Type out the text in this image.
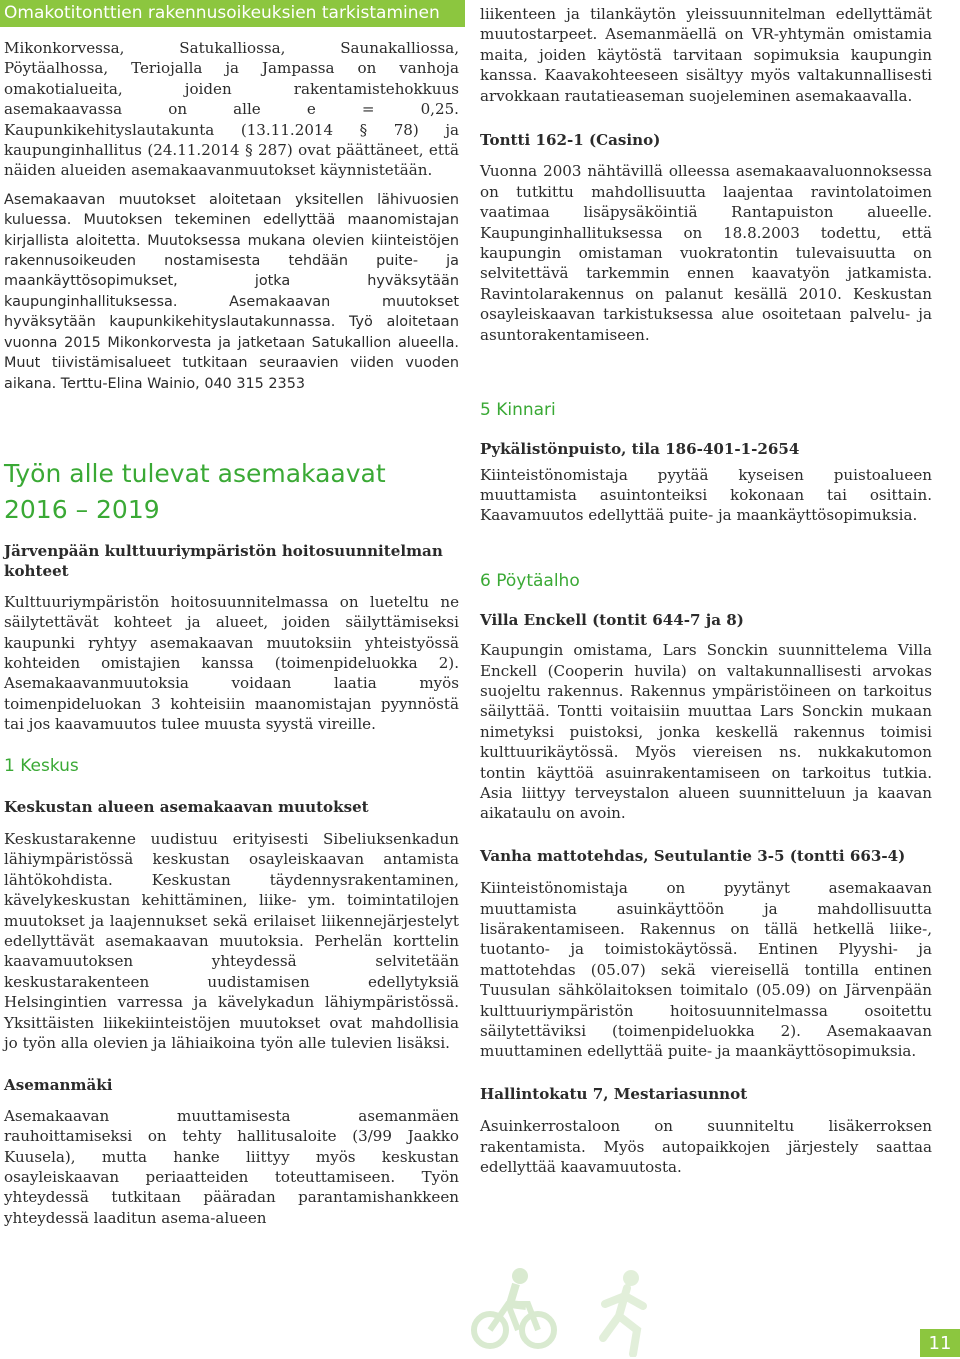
Omakotitonttien rakennusoikeuksien tarkistaminen

Mikonkorvessa, Satukalliossa, Saunakalliossa, Pöytäalhossa, Teriojalla ja Jampassa on vanhoja omakotialueita, joiden rakentamistehokkuus asemakaavassa on alle e = 0,25. Kaupunkikehityslautakunta (13.11.2014 § 78) ja kaupunginhallitus (24.11.2014 § 287) ovat päättäneet, että näiden alueiden asemakaavanmuutokset käynnistetään.

Asemakaavan muutokset aloitetaan yksitellen lähivuosien kuluessa. Muutoksen tekeminen edellyttää maanomistajan kirjallista aloitetta. Muutoksessa mukana olevien kiinteistöjen rakennusoikeuden nostamisesta tehdään puite- ja maankäyttösopimukset, jotka hyväksytään kaupunginhallituksessa. Asemakaavan muutokset hyväksytään kaupunkikehityslautakunnassa. Työ aloitetaan vuonna 2015 Mikonkorvesta ja jatketaan Satukallion alueella. Muut tiivistämisalueet tutkitaan seuraavien viiden vuoden aikana. Terttu-Elina Wainio, 040 315 2353

Työn alle tulevat asemakaavat
2016 – 2019

Järvenpään kulttuuriympäristön hoitosuunnitelman kohteet

Kulttuuriympäristön hoitosuunnitelmassa on lueteltu ne säilytettävät kohteet ja alueet, joiden säilyttämiseksi kaupunki ryhtyy asemakaavan muutoksiin yhteistyössä kohteiden omistajien kanssa (toimenpideluokka 2). Asemakaavanmuutoksia voidaan laatia myös toimenpideluokan 3 kohteisiin maanomistajan pyynnöstä tai jos kaavamuutos tulee muusta syystä vireille.

1 Keskus

Keskustan alueen asemakaavan muutokset

Keskustarakenne uudistuu erityisesti Sibeliuksenkadun lähiympäristössä keskustan osayleiskaavan antamista lähtökohdista. Keskustan täydennysrakentaminen, kävelykeskustan kehittäminen, liike- ym. toimintatilojen muutokset ja laajennukset sekä erilaiset liikennejärjestelyt edellyttävät asemakaavan muutoksia. Perhelän korttelin kaavamuutoksen yhteydessä selvitetään keskustarakenteen uudistamisen edellytyksiä Helsingintien varressa ja kävelykadun lähiympäristössä. Yksittäisten liikekiinteistöjen muutokset ovat mahdollisia jo työn alla olevien ja lähiaikoina työn alle tulevien lisäksi.

Asemanmäki

Asemakaavan muuttamisesta asemanmäen rauhoittamiseksi on tehty hallitusaloite (3/99 Jaakko Kuusela), mutta hanke liittyy myös keskustan osayleiskaavan periaatteiden toteuttamiseen. Työn yhteydessä tutkitaan pääradan parantamishankkeen yhteydessä laaditun asema-alueen

liikenteen ja tilankäytön yleissuunnitelman edellyttämät muutostarpeet. Asemanmäellä on VR-yhtymän omistamia maita, joiden käytöstä tarvitaan sopimuksia kaupungin kanssa. Kaavakohteeseen sisältyy myös valtakunnallisesti arvokkaan rautatieaseman suojeleminen asemakaavalla.

Tontti 162-1 (Casino)

Vuonna 2003 nähtävillä olleessa asemakaavaluonnoksessa on tutkittu mahdollisuutta laajentaa ravintolatoimen vaatimaa lisäpysäköintiä Rantapuiston alueelle. Kaupunginhallituksessa on 18.8.2003 todettu, että kaupungin omistaman vuokratontin tulevaisuutta on selvitettävä tarkemmin ennen kaavatyön jatkamista. Ravintolarakennus on palanut kesällä 2010. Keskustan osayleiskaavan tarkistuksessa alue osoitetaan palvelu- ja asuntorakentamiseen.

5 Kinnari

Pykälistönpuisto, tila 186-401-1-2654

Kiinteistönomistaja pyytää kyseisen puistoalueen muuttamista asuintonteiksi kokonaan tai osittain. Kaavamuutos edellyttää puite- ja maankäyttösopimuksia.

6 Pöytäalho

Villa Enckell (tontit 644-7 ja 8)

Kaupungin omistama, Lars Sonckin suunnittelema Villa Enckell (Cooperin huvila) on valtakunnallisesti arvokas suojeltu rakennus. Rakennus ympäristöineen on tarkoitus säilyttää. Tontti voitaisiin muuttaa Lars Sonckin mukaan nimetyksi puistoksi, jonka keskellä rakennus toimisi kulttuurikäytössä. Myös viereisen ns. nukkakutomon tontin käyttöä asuinrakentamiseen on tarkoitus tutkia. Asia liittyy terveystalon alueen suunnitteluun ja kaavan aikataulu on avoin.

Vanha mattotehdas, Seutulantie 3-5 (tontti 663-4)

Kiinteistönomistaja on pyytänyt asemakaavan muuttamista asuinkäyttöön ja mahdollisuutta lisärakentamiseen. Rakennus on tällä hetkellä liike-, tuotanto- ja toimistokäytössä. Entinen Plyyshi- ja mattotehdas (05.07) sekä viereisellä tontilla entinen Tuusulan sähkölaitoksen toimitalo (05.09) on Järvenpään kulttuuriympäristön hoitosuunnitelmassa osoitettu säilytettäviksi (toimenpideluokka 2). Asemakaavan muuttaminen edellyttää puite- ja maankäyttösopimuksia.

Hallintokatu 7, Mestariasunnot

Asuinkerrostaloon on suunniteltu lisäkerroksen rakentamista. Myös autopaikkojen järjestely saattaa edellyttää kaavamuutosta.

11
